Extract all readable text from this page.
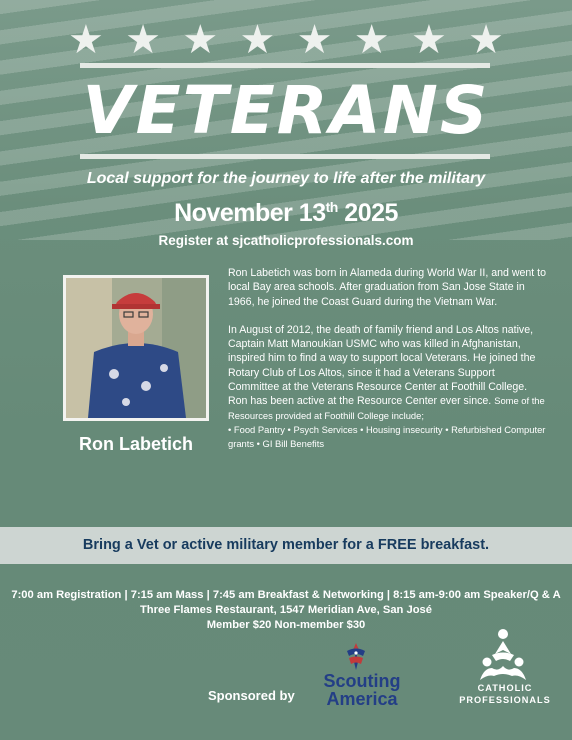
★ ★ ★ ★ ★ ★ ★ ★
VETERANS
Local support for the journey to life after the military
November 13th 2025
Register at sjcatholicprofessionals.com
Ron Labetich

Ron Labetich was born in Alameda during World War II, and went to local Bay area schools. After graduation from San Jose State in 1966, he joined the Coast Guard during the Vietnam War.

In August of 2012, the death of family friend and Los Altos native, Captain Matt Manoukian USMC who was killed in Afghanistan, inspired him to find a way to support local Veterans. He joined the Rotary Club of Los Altos, since it had a Veterans Support Committee at the Veterans Resource Center at Foothill College. Ron has been active at the Resource Center ever since. Some of the Resources provided at Foothill College include;

• Food Pantry • Psych Services • Housing insecurity • Refurbished Computer grants • GI Bill Benefits

Bring a Vet or active military member for a FREE breakfast.
7:00 am Registration | 7:15 am Mass | 7:45 am Breakfast & Networking | 8:15 am-9:00 am Speaker/Q & A
Three Flames Restaurant, 1547 Meridian Ave, San José
Member $20 Non-member $30
Sponsored by
Scouting
America
CATHOLIC
PROFESSIONALS
